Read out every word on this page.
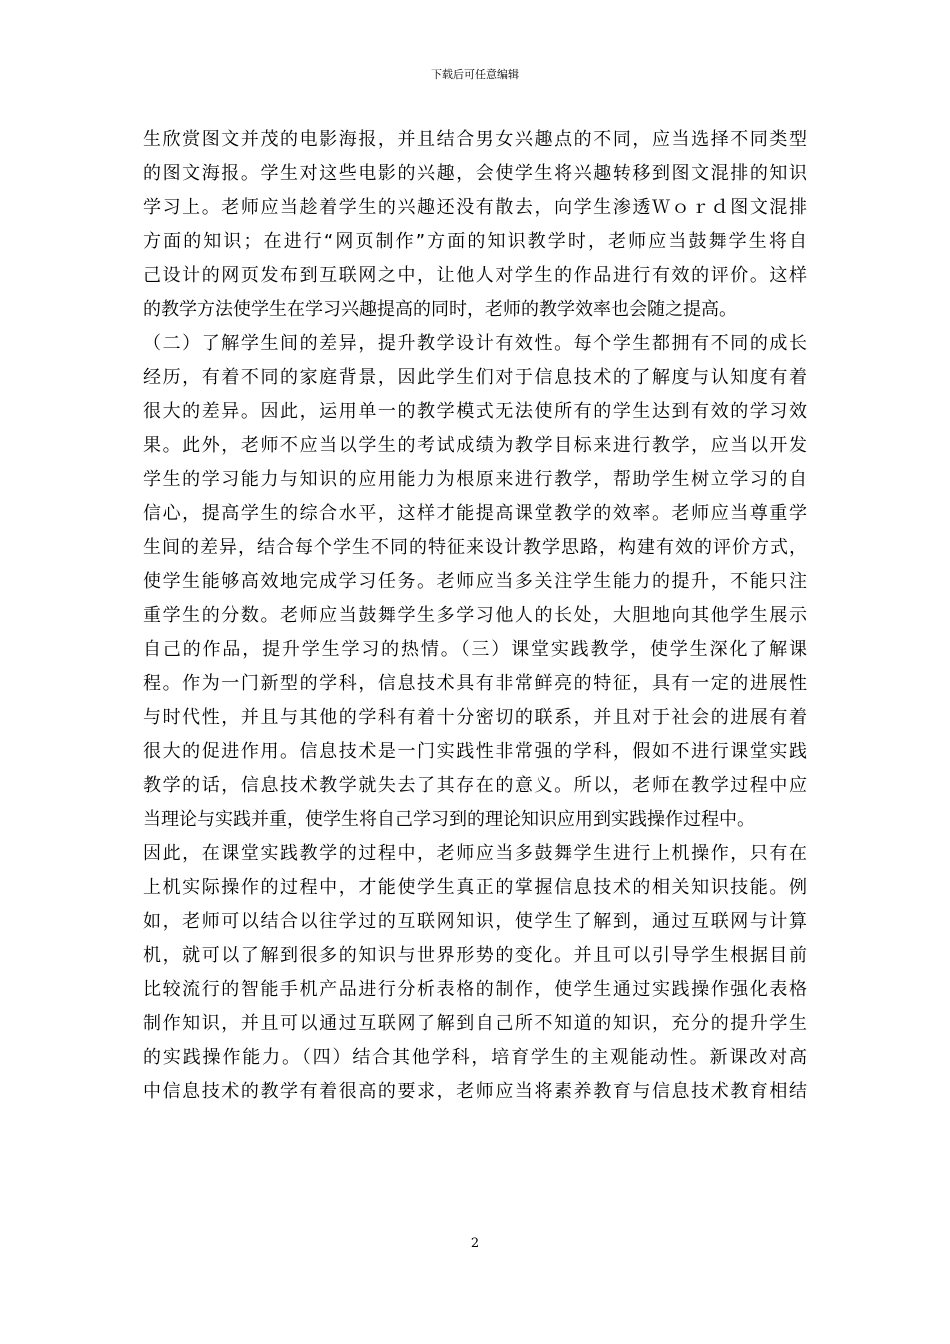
下载后可任意编辑
生欣赏图文并茂的电影海报，并且结合男女兴趣点的不同，应当选择不同类型
的图文海报。学生对这些电影的兴趣，会使学生将兴趣转移到图文混排的知识
学习上。老师应当趁着学生的兴趣还没有散去，向学生渗透Ｗｏｒｄ图文混排
方面的知识；在进行“网页制作”方面的知识教学时，老师应当鼓舞学生将自
己设计的网页发布到互联网之中，让他人对学生的作品进行有效的评价。这样
的教学方法使学生在学习兴趣提高的同时，老师的教学效率也会随之提高。
（二）了解学生间的差异，提升教学设计有效性。每个学生都拥有不同的成长
经历，有着不同的家庭背景，因此学生们对于信息技术的了解度与认知度有着
很大的差异。因此，运用单一的教学模式无法使所有的学生达到有效的学习效
果。此外，老师不应当以学生的考试成绩为教学目标来进行教学，应当以开发
学生的学习能力与知识的应用能力为根原来进行教学，帮助学生树立学习的自
信心，提高学生的综合水平，这样才能提高课堂教学的效率。老师应当尊重学
生间的差异，结合每个学生不同的特征来设计教学思路，构建有效的评价方式，
使学生能够高效地完成学习任务。老师应当多关注学生能力的提升，不能只注
重学生的分数。老师应当鼓舞学生多学习他人的长处，大胆地向其他学生展示
自己的作品，提升学生学习的热情。（三）课堂实践教学，使学生深化了解课
程。作为一门新型的学科，信息技术具有非常鲜亮的特征，具有一定的进展性
与时代性，并且与其他的学科有着十分密切的联系，并且对于社会的进展有着
很大的促进作用。信息技术是一门实践性非常强的学科，假如不进行课堂实践
教学的话，信息技术教学就失去了其存在的意义。所以，老师在教学过程中应
当理论与实践并重，使学生将自己学习到的理论知识应用到实践操作过程中。
因此，在课堂实践教学的过程中，老师应当多鼓舞学生进行上机操作，只有在
上机实际操作的过程中，才能使学生真正的掌握信息技术的相关知识技能。例
如，老师可以结合以往学过的互联网知识，使学生了解到，通过互联网与计算
机，就可以了解到很多的知识与世界形势的变化。并且可以引导学生根据目前
比较流行的智能手机产品进行分析表格的制作，使学生通过实践操作强化表格
制作知识，并且可以通过互联网了解到自己所不知道的知识，充分的提升学生
的实践操作能力。（四）结合其他学科，培育学生的主观能动性。新课改对高
中信息技术的教学有着很高的要求，老师应当将素养教育与信息技术教育相结
2
